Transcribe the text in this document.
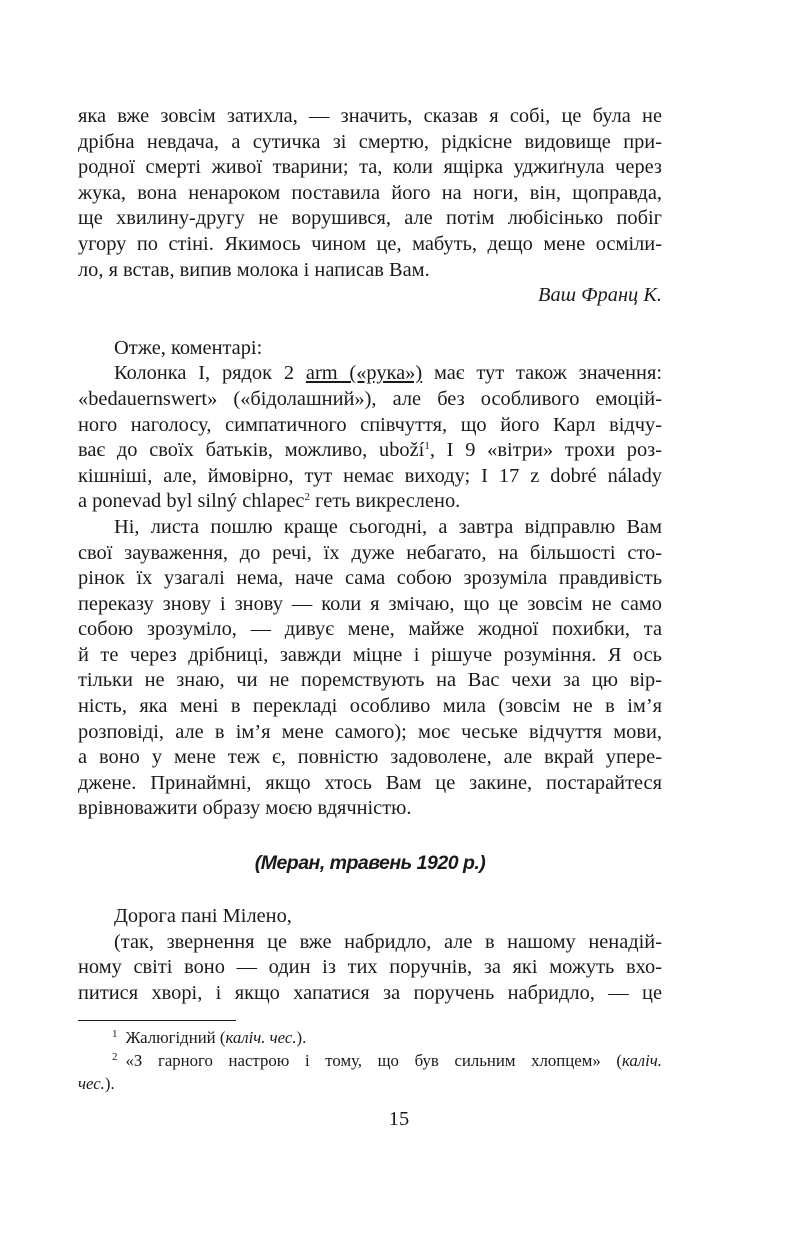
яка вже зовсім затихла, — значить, сказав я собі, це була не
дрібна невдача, а сутичка зі смертю, рідкісне видовище при-
родної смерті живої тварини; та, коли ящірка уджиґнула через
жука, вона ненароком поставила його на ноги, він, щоправда,
ще хвилину-другу не ворушився, але потім любісінько побіг
угору по стіні. Якимось чином це, мабуть, дещо мене осміли-
ло, я встав, випив молока і написав Вам.
Ваш Франц К.
Отже, коментарі:
Колонка I, рядок 2 arm («рука») має тут також значення:
«bedauernswert» («бідолашний»), але без особливого емоцій-
ного наголосу, симпатичного співчуття, що його Карл відчу-
ває до своїх батьків, можливо, uboží$^1$, I 9 «вітри» трохи роз-
кішніші, але, ймовірно, тут немає виходу; I 17 z dobré nálady
a ponevad byl silný chlapec$^2$ геть викреслено.
Ні, листа пошлю краще сьогодні, а завтра відправлю Вам
свої зауваження, до речі, їх дуже небагато, на більшості сто-
рінок їх узагалі нема, наче сама собою зрозуміла правдивість
переказу знову і знову — коли я змічаю, що це зовсім не само
собою зрозуміло, — дивує мене, майже жодної похибки, та
й те через дрібниці, завжди міцне і рішуче розуміння. Я ось
тільки не знаю, чи не поремствують на Вас чехи за цю вір-
ність, яка мені в перекладі особливо мила (зовсім не в ім’я
розповіді, але в ім’я мене самого); моє чеське відчуття мови,
а воно у мене теж є, повністю задоволене, але вкрай упере-
джене. Принаймні, якщо хтось Вам це закине, постарайтеся
врівноважити образу моєю вдячністю.
(Меран, травень 1920 р.)
Дорога пані Мілено,
(так, звернення це вже набридло, але в нашому ненадій-
ному світі воно — один із тих поручнів, за які можуть вхо-
питися хворі, і якщо хапатися за поручень набридло, — це
$^1$ Жалюгідний (каліч. чес.).
$^2$ «З гарного настрою і тому, що був сильним хлопцем» (каліч.
чес.).
15
